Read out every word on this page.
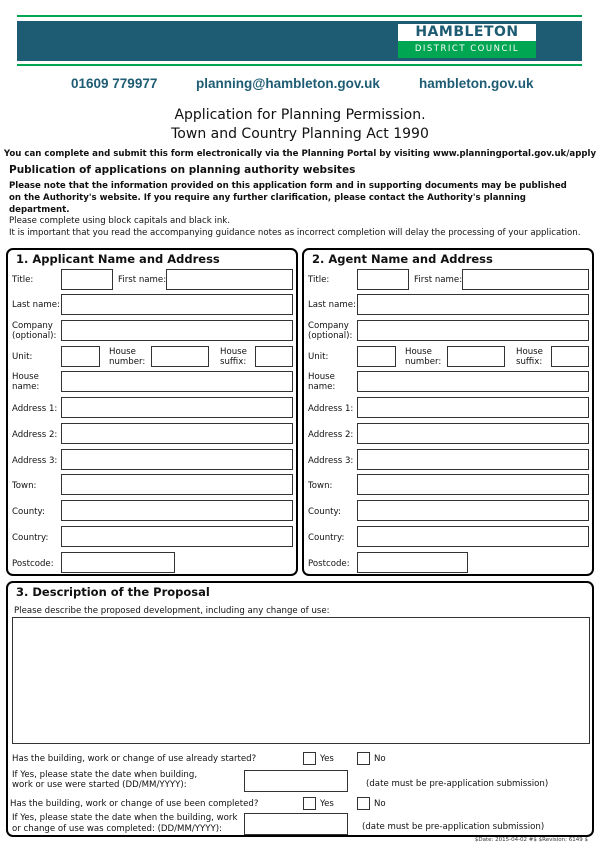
HAMBLETON
DISTRICT COUNCIL
01609 779977	planning@hambleton.gov.uk	hambleton.gov.uk
Application for Planning Permission.
Town and Country Planning Act 1990
You can complete and submit this form electronically via the Planning Portal by visiting www.planningportal.gov.uk/apply
Publication of applications on planning authority websites
Please note that the information provided on this application form and in supporting documents may be published on the Authority's website. If you require any further clarification, please contact the Authority's planning department.
Please complete using block capitals and black ink.
It is important that you read the accompanying guidance notes as incorrect completion will delay the processing of your application.
1. Applicant Name and Address
Title:	First name:
Last name:
Company
(optional):
Unit:	House
number:
House
suffix:
House
name:
Address 1:
Address 2:
Address 3:
Town:
County:
Country:
Postcode:
2. Agent Name and Address
Title:	First name:
Last name:
Company
(optional):
Unit:	House
number:
House
suffix:
House
name:
Address 1:
Address 2:
Address 3:
Town:
County:
Country:
Postcode:
3. Description of the Proposal
Please describe the proposed development, including any change of use:
Has the building, work or change of use already started?	Yes	No
If Yes, please state the date when building,
work or use were started (DD/MM/YYYY):	(date must be pre-application submission)
Has the building, work or change of use been completed?	Yes	No
If Yes, please state the date when the building, work
or change of use was completed: (DD/MM/YYYY):	(date must be pre-application submission)
$Date: 2015-04-02 #$ $Revision: 6149 $
